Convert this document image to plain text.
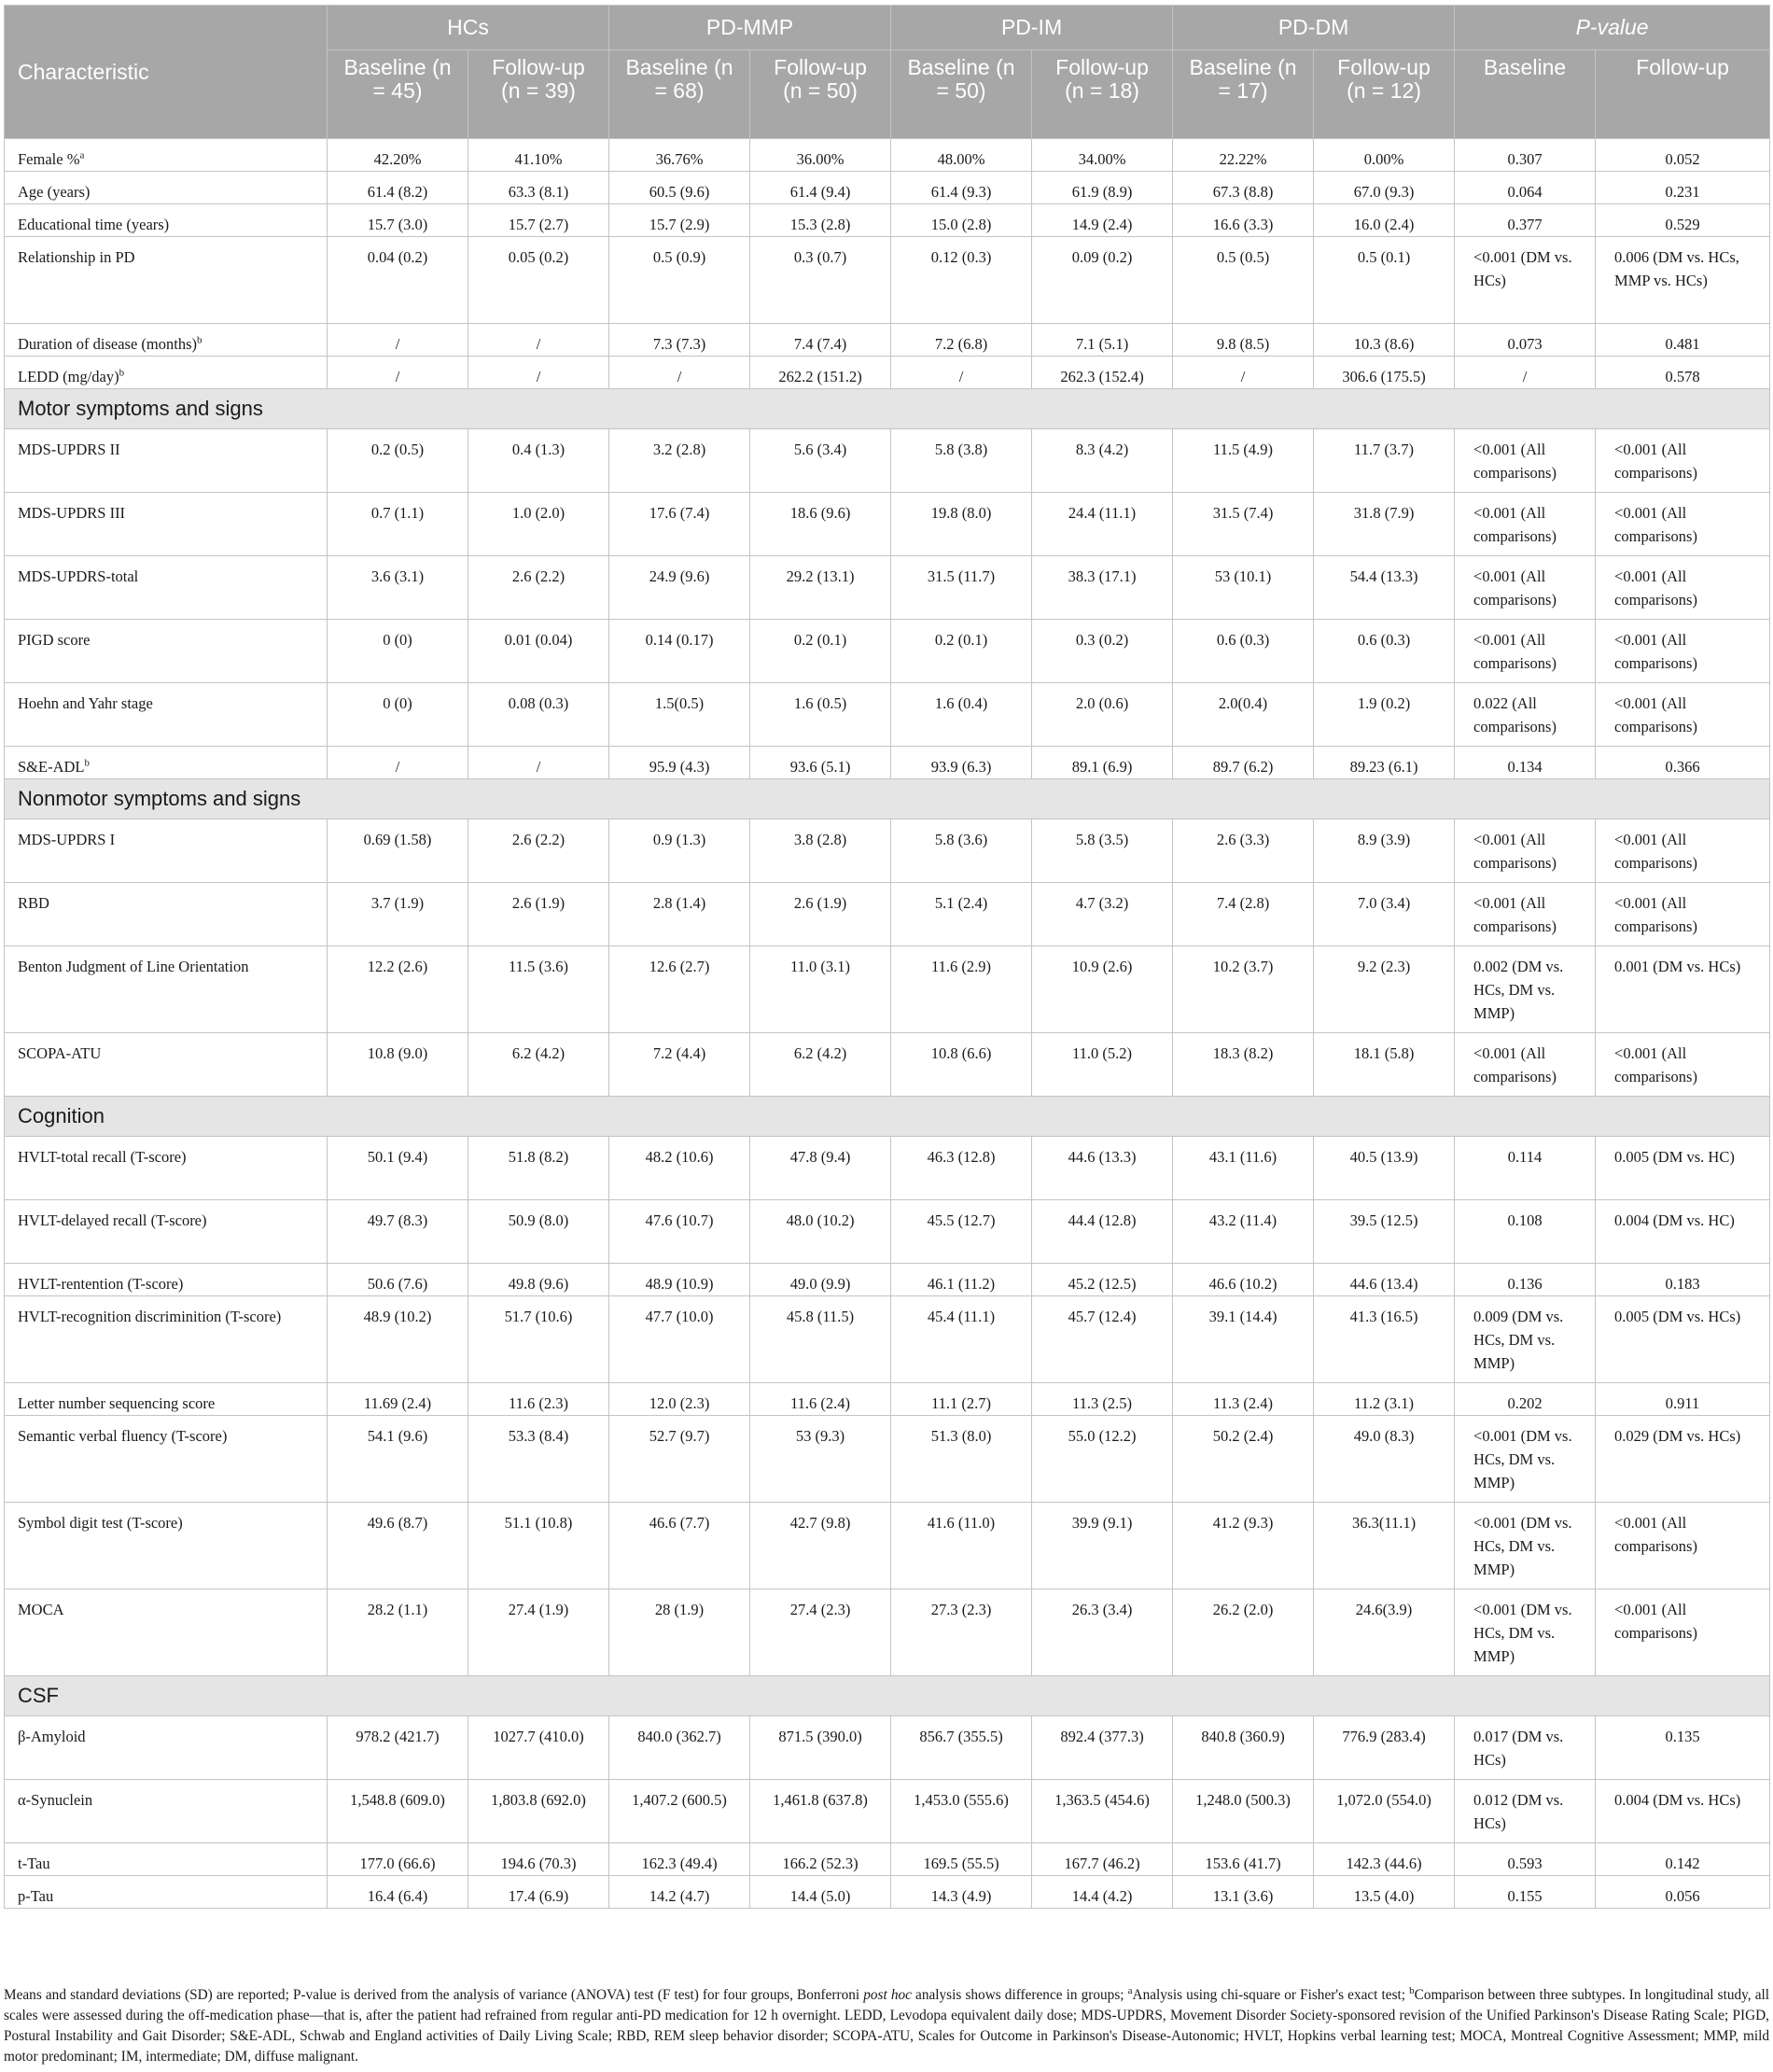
Characteristic	HCs		PD-MMP		PD-IM		PD-DM		P-value	
	Baseline (n = 45)	Follow-up (n = 39)	Baseline (n = 68)	Follow-up (n = 50)	Baseline (n = 50)	Follow-up (n = 18)	Baseline (n = 17)	Follow-up (n = 12)	Baseline	Follow-up
Female %$^a$	42.20%	41.10%	36.76%	36.00%	48.00%	34.00%	22.22%	0.00%	0.307	0.052
Age (years)	61.4 (8.2)	63.3 (8.1)	60.5 (9.6)	61.4 (9.4)	61.4 (9.3)	61.9 (8.9)	67.3 (8.8)	67.0 (9.3)	0.064	0.231
Educational time (years)	15.7 (3.0)	15.7 (2.7)	15.7 (2.9)	15.3 (2.8)	15.0 (2.8)	14.9 (2.4)	16.6 (3.3)	16.0 (2.4)	0.377	0.529
Relationship in PD	0.04 (0.2)	0.05 (0.2)	0.5 (0.9)	0.3 (0.7)	0.12 (0.3)	0.09 (0.2)	0.5 (0.5)	0.5 (0.1)	<0.001 (DM vs. HCs)	0.006 (DM vs. HCs, MMP vs. HCs)
Duration of disease (months)$^b$	/	/	7.3 (7.3)	7.4 (7.4)	7.2 (6.8)	7.1 (5.1)	9.8 (8.5)	10.3 (8.6)	0.073	0.481
LEDD $(mg/day)^b$	/	/	/	262.2 (151.2)	/	262.3 (152.4)	/	306.6 (175.5)	/	0.578
Motor symptoms and signs										
MDS-UPDRS II	0.2 (0.5)	0.4 (1.3)	3.2 (2.8)	5.6 (3.4)	5.8 (3.8)	8.3 (4.2)	11.5 (4.9)	11.7 (3.7)	<0.001 (All comparisons)	<0.001 (All comparisons)
MDS-UPDRS III	0.7 (1.1)	1.0 (2.0)	17.6 (7.4)	18.6 (9.6)	19.8 (8.0)	24.4 (11.1)	31.5 (7.4)	31.8 (7.9)	<0.001 (All comparisons)	<0.001 (All comparisons)
MDS-UPDRS-total	3.6 (3.1)	2.6 (2.2)	24.9 (9.6)	29.2 (13.1)	31.5 (11.7)	38.3 (17.1)	53 (10.1)	54.4 (13.3)	<0.001 (All comparisons)	<0.001 (All comparisons)
PIGD score	0 (0)	0.01 (0.04)	0.14 (0.17)	0.2 (0.1)	0.2 (0.1)	0.3 (0.2)	0.6 (0.3)	0.6 (0.3)	<0.001 (All comparisons)	<0.001 (All comparisons)
Hoehn and Yahr stage	0 (0)	0.08 (0.3)	1.5(0.5)	1.6 (0.5)	1.6 (0.4)	2.0 (0.6)	2.0(0.4)	1.9 (0.2)	0.022 (All comparisons)	<0.001 (All comparisons)
S&E-ADL$^b$	/	/	95.9 (4.3)	93.6 (5.1)	93.9 (6.3)	89.1 (6.9)	89.7 (6.2)	89.23 (6.1)	0.134	0.366
Nonmotor symptoms and signs										
MDS-UPDRS I	0.69 (1.58)	2.6 (2.2)	0.9 (1.3)	3.8 (2.8)	5.8 (3.6)	5.8 (3.5)	2.6 (3.3)	8.9 (3.9)	<0.001 (All comparisons)	<0.001 (All comparisons)
RBD	3.7 (1.9)	2.6 (1.9)	2.8 (1.4)	2.6 (1.9)	5.1 (2.4)	4.7 (3.2)	7.4 (2.8)	7.0 (3.4)	<0.001 (All comparisons)	<0.001 (All comparisons)
Benton Judgment of Line Orientation	12.2 (2.6)	11.5 (3.6)	12.6 (2.7)	11.0 (3.1)	11.6 (2.9)	10.9 (2.6)	10.2 (3.7)	9.2 (2.3)	0.002 (DM vs. HCs, DM vs. MMP)	0.001 (DM vs. HCs)
SCOPA-ATU	10.8 (9.0)	6.2 (4.2)	7.2 (4.4)	6.2 (4.2)	10.8 (6.6)	11.0 (5.2)	18.3 (8.2)	18.1 (5.8)	<0.001 (All comparisons)	<0.001 (All comparisons)
Cognition										
HVLT-total recall (T-score)	50.1 (9.4)	51.8 (8.2)	48.2 (10.6)	47.8 (9.4)	46.3 (12.8)	44.6 (13.3)	43.1 (11.6)	40.5 (13.9)	0.114	0.005 (DM vs. HC)
HVLT-delayed recall (T-score)	49.7 (8.3)	50.9 (8.0)	47.6 (10.7)	48.0 (10.2)	45.5 (12.7)	44.4 (12.8)	43.2 (11.4)	39.5 (12.5)	0.108	0.004 (DM vs. HC)
HVLT-rentention (T-score)	50.6 (7.6)	49.8 (9.6)	48.9 (10.9)	49.0 (9.9)	46.1 (11.2)	45.2 (12.5)	46.6 (10.2)	44.6 (13.4)	0.136	0.183
HVLT-recognition discriminition (T-score)	48.9 (10.2)	51.7 (10.6)	47.7 (10.0)	45.8 (11.5)	45.4 (11.1)	45.7 (12.4)	39.1 (14.4)	41.3 (16.5)	0.009 (DM vs. HCs, DM vs. MMP)	0.005 (DM vs. HCs)
Letter number sequencing score	11.69 (2.4)	11.6 (2.3)	12.0 (2.3)	11.6 (2.4)	11.1 (2.7)	11.3 (2.5)	11.3 (2.4)	11.2 (3.1)	0.202	0.911
Semantic verbal fluency (T-score)	54.1 (9.6)	53.3 (8.4)	52.7 (9.7)	53 (9.3)	51.3 (8.0)	55.0 (12.2)	50.2 (2.4)	49.0 (8.3)	<0.001 (DM vs. HCs, DM vs. MMP)	0.029 (DM vs. HCs)
Symbol digit test (T-score)	49.6 (8.7)	51.1 (10.8)	46.6 (7.7)	42.7 (9.8)	41.6 (11.0)	39.9 (9.1)	41.2 (9.3)	36.3(11.1)	<0.001 (DM vs. HCs, DM vs. MMP)	<0.001 (All comparisons)
MOCA	28.2 (1.1)	27.4 (1.9)	28 (1.9)	27.4 (2.3)	27.3 (2.3)	26.3 (3.4)	26.2 (2.0)	24.6(3.9)	<0.001 (DM vs. HCs, DM vs. MMP)	<0.001 (All comparisons)
CSF										
β-Amyloid	978.2 (421.7)	1027.7 (410.0)	840.0 (362.7)	871.5 (390.0)	856.7 (355.5)	892.4 (377.3)	840.8 (360.9)	776.9 (283.4)	0.017 (DM vs. HCs)	0.135
α-Synuclein	1,548.8 (609.0)	1,803.8 (692.0)	1,407.2 (600.5)	1,461.8 (637.8)	1,453.0 (555.6)	1,363.5 (454.6)	1,248.0 (500.3)	1,072.0 (554.0)	0.012 (DM vs. HCs)	0.004 (DM vs. HCs)
t-Tau	177.0 (66.6)	194.6 (70.3)	162.3 (49.4)	166.2 (52.3)	169.5 (55.5)	167.7 (46.2)	153.6 (41.7)	142.3 (44.6)	0.593	0.142
p-Tau	16.4 (6.4)	17.4 (6.9)	14.2 (4.7)	14.4 (5.0)	14.3 (4.9)	14.4 (4.2)	13.1 (3.6)	13.5 (4.0)	0.155	0.056

Means and standard deviations (SD) are reported; P-value is derived from the analysis of variance (ANOVA) test (F test) for four groups, Bonferroni post hoc analysis shows difference in groups; $^a$Analysis using chi-square or Fisher's exact test; $^b$Comparison between three subtypes. In longitudinal study, all scales were assessed during the off-medication phase—that is, after the patient had refrained from regular anti-PD medication for 12 h overnight. LEDD, Levodopa equivalent daily dose; MDS-UPDRS, Movement Disorder Society-sponsored revision of the Unified Parkinson's Disease Rating Scale; PIGD, Postural Instability and Gait Disorder; S&E-ADL, Schwab and England activities of Daily Living Scale; RBD, REM sleep behavior disorder; SCOPA-ATU, Scales for Outcome in Parkinson's Disease-Autonomic; HVLT, Hopkins verbal learning test; MOCA, Montreal Cognitive Assessment; MMP, mild motor predominant; IM, intermediate; DM, diffuse malignant.
